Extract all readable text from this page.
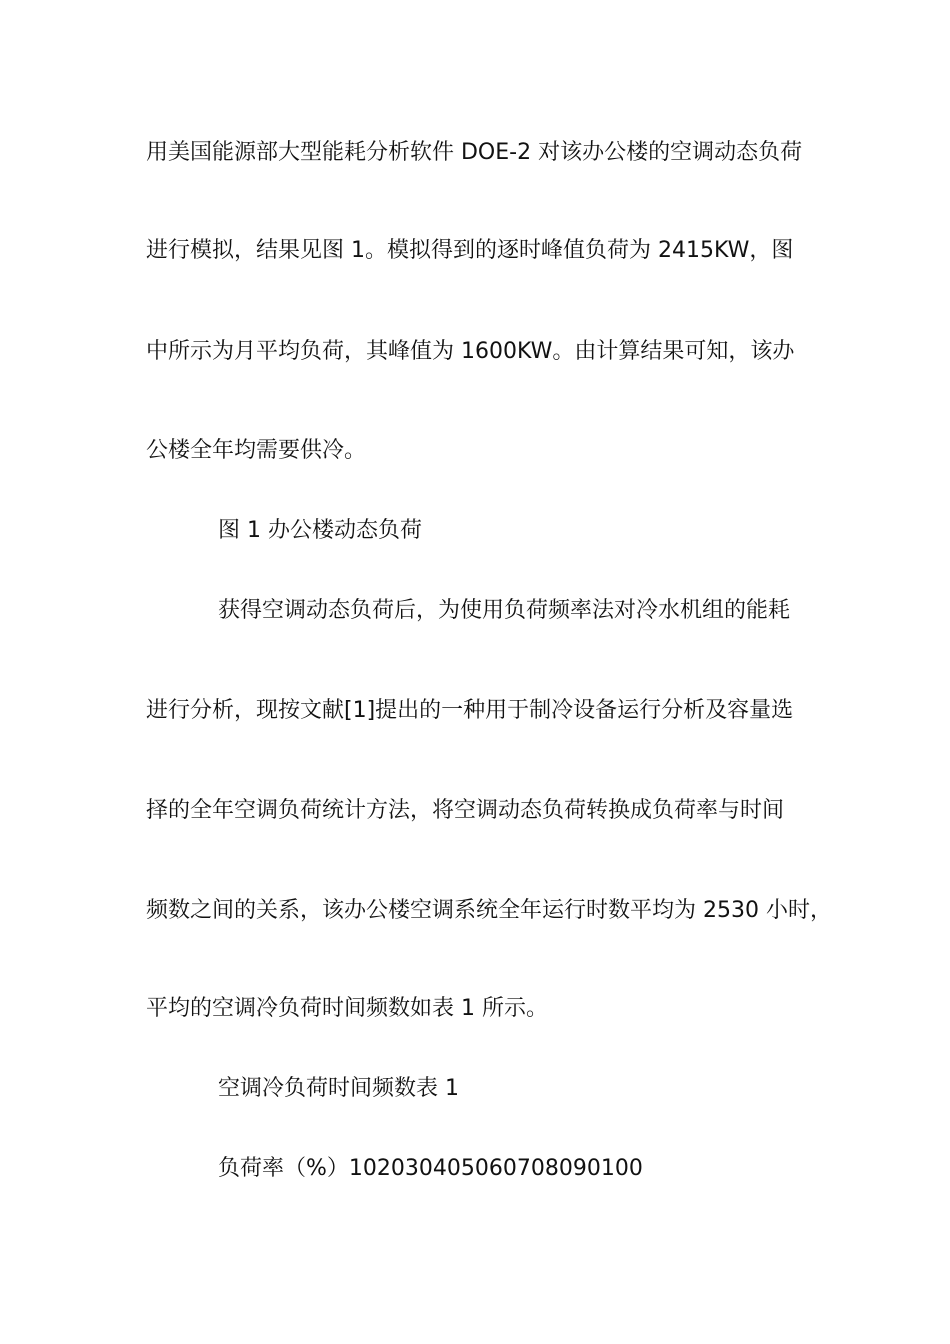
用美国能源部大型能耗分析软件 DOE-2 对该办公楼的空调动态负荷
进行模拟，结果见图 1。模拟得到的逐时峰值负荷为 2415KW，图
中所示为月平均负荷，其峰值为 1600KW。由计算结果可知，该办
公楼全年均需要供冷。
图 1 办公楼动态负荷
获得空调动态负荷后，为使用负荷频率法对冷水机组的能耗
进行分析，现按文献[1]提出的一种用于制冷设备运行分析及容量选
择的全年空调负荷统计方法，将空调动态负荷转换成负荷率与时间
频数之间的关系，该办公楼空调系统全年运行时数平均为 2530 小时，
平均的空调冷负荷时间频数如表 1 所示。
空调冷负荷时间频数表 1
负荷率（%）102030405060708090100
